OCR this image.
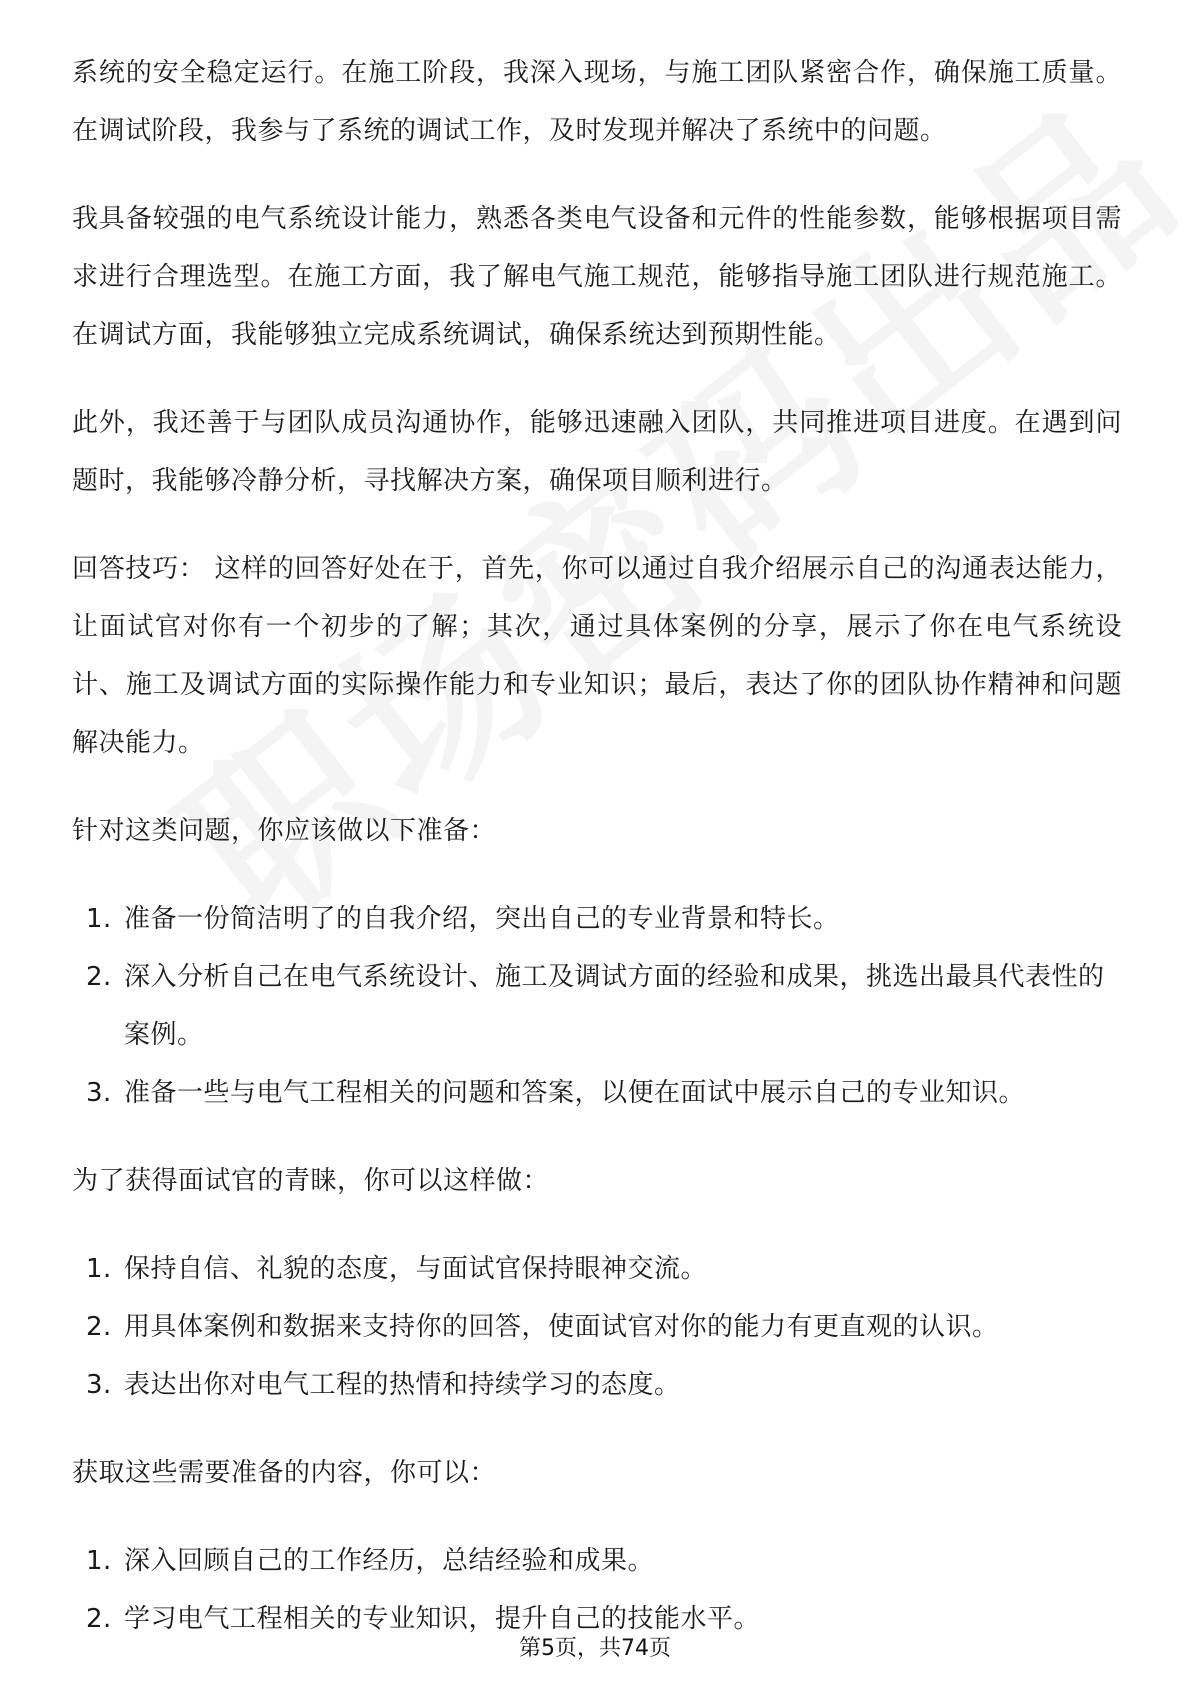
系统的安全稳定运行。在施工阶段，我深入现场，与施工团队紧密合作，确保施工质量。在调试阶段，我参与了系统的调试工作，及时发现并解决了系统中的问题。

我具备较强的电气系统设计能力，熟悉各类电气设备和元件的性能参数，能够根据项目需求进行合理选型。在施工方面，我了解电气施工规范，能够指导施工团队进行规范施工。在调试方面，我能够独立完成系统调试，确保系统达到预期性能。

此外，我还善于与团队成员沟通协作，能够迅速融入团队，共同推进项目进度。在遇到问题时，我能够冷静分析，寻找解决方案，确保项目顺利进行。

回答技巧： 这样的回答好处在于，首先，你可以通过自我介绍展示自己的沟通表达能力，让面试官对你有一个初步的了解；其次，通过具体案例的分享，展示了你在电气系统设计、施工及调试方面的实际操作能力和专业知识；最后，表达了你的团队协作精神和问题解决能力。

针对这类问题，你应该做以下准备：

1. 准备一份简洁明了的自我介绍，突出自己的专业背景和特长。
2. 深入分析自己在电气系统设计、施工及调试方面的经验和成果，挑选出最具代表性的案例。
3. 准备一些与电气工程相关的问题和答案，以便在面试中展示自己的专业知识。

为了获得面试官的青睐，你可以这样做：

1. 保持自信、礼貌的态度，与面试官保持眼神交流。
2. 用具体案例和数据来支持你的回答，使面试官对你的能力有更直观的认识。
3. 表达出你对电气工程的热情和持续学习的态度。

获取这些需要准备的内容，你可以：

1. 深入回顾自己的工作经历，总结经验和成果。
2. 学习电气工程相关的专业知识，提升自己的技能水平。
第5页，共74页
